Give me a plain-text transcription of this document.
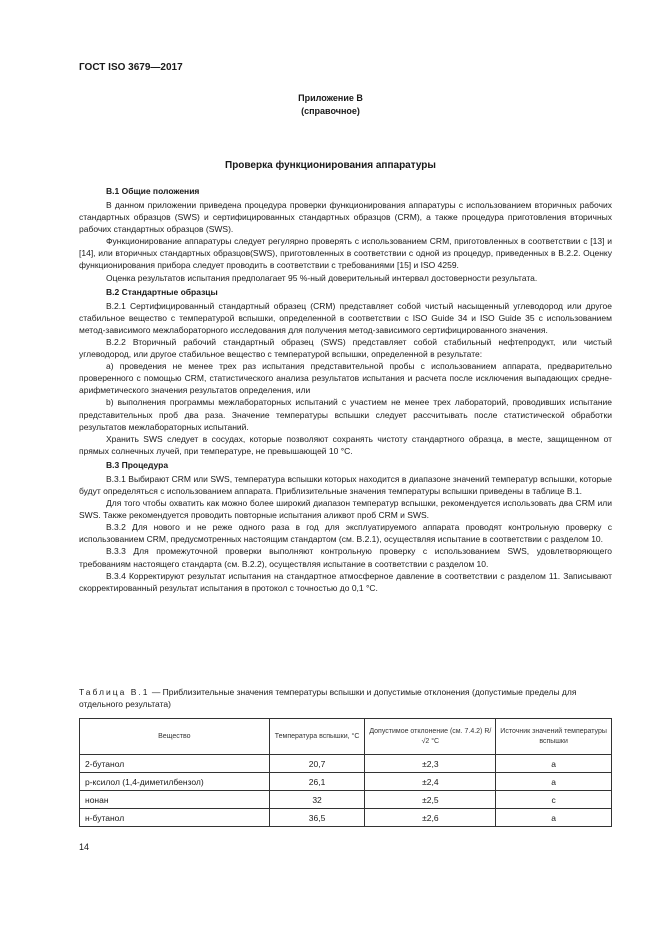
ГОСТ ISO 3679—2017
Приложение В
(справочное)
Проверка функционирования аппаратуры
В.1 Общие положения

В данном приложении приведена процедура проверки функционирования аппаратуры с использованием вторичных рабочих стандартных образцов (SWS) и сертифицированных стандартных образцов (CRM), а также процедура приготовления вторичных рабочих стандартных образцов (SWS).

Функционирование аппаратуры следует регулярно проверять с использованием CRM, приготовленных в соответствии с [13] и [14], или вторичных стандартных образцов(SWS), приготовленных в соответствии с одной из процедур, приведенных в В.2.2. Оценку функционирования прибора следует проводить в соответствии с требованиями [15] и ISO 4259.

Оценка результатов испытания предполагает 95 %-ный доверительный интервал достоверности результата.

В.2 Стандартные образцы

В.2.1 Сертифицированный стандартный образец (CRM) представляет собой чистый насыщенный углеводород или другое стабильное вещество с температурой вспышки, определенной в соответствии с ISO Guide 34 и ISO Guide 35 с использованием метод-зависимого межлабораторного исследования для получения метод-зависимого сертифицированного значения.

В.2.2 Вторичный рабочий стандартный образец (SWS) представляет собой стабильный нефтепродукт, или чистый углеводород, или другое стабильное вещество с температурой вспышки, определенной в результате:

а) проведения не менее трех раз испытания представительной пробы с использованием аппарата, предварительно проверенного с помощью CRM, статистического анализа результатов испытания и расчета после исключения выпадающих среднеарифметического значения результатов определения, или

b) выполнения программы межлабораторных испытаний с участием не менее трех лабораторий, проводивших испытание представительных проб два раза. Значение температуры вспышки следует рассчитывать после статистической обработки результатов межлабораторных испытаний.

Хранить SWS следует в сосудах, которые позволяют сохранять чистоту стандартного образца, в месте, защищенном от прямых солнечных лучей, при температуре, не превышающей 10 °С.

В.3 Процедура

В.3.1 Выбирают CRM или SWS, температура вспышки которых находится в диапазоне значений температур вспышки, которые будут определяться с использованием аппарата. Приблизительные значения температуры вспышки приведены в таблице В.1.

Для того чтобы охватить как можно более широкий диапазон температур вспышки, рекомендуется использовать два CRM или SWS. Также рекомендуется проводить повторные испытания аликвот проб CRM и SWS.

В.3.2 Для нового и не реже одного раза в год для эксплуатируемого аппарата проводят контрольную проверку с использованием CRM, предусмотренных настоящим стандартом (см. В.2.1), осуществляя испытание в соответствии с разделом 10.

В.3.3 Для промежуточной проверки выполняют контрольную проверку с использованием SWS, удовлетворяющего требованиям настоящего стандарта (см. В.2.2), осуществляя испытание в соответствии с разделом 10.

В.3.4 Корректируют результат испытания на стандартное атмосферное давление в соответствии с разделом 11. Записывают скорректированный результат испытания в протокол с точностью до 0,1 °С.

Таблица В.1 — Приблизительные значения температуры вспышки и допустимые отклонения (допустимые пределы для отдельного результата)
Вещество	Температура вспышки, °С	Допустимое отклонение (см. 7.4.2) R/√2 °С	Источник значений температуры вспышки
2-бутанол	20,7	±2,3	a
р-ксилол (1,4-диметилбензол)	26,1	±2,4	a
нонан	32	±2,5	c
н-бутанол	36,5	±2,6	a
14
